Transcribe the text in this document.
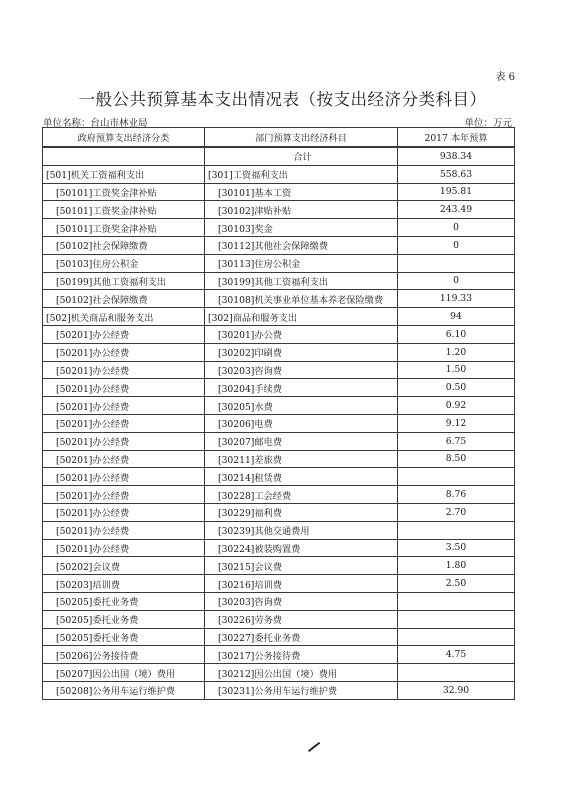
表 6
一般公共预算基本支出情况表（按支出经济分类科目）
单位名称：台山市林业局	单位：万元
政府预算支出经济分类	部门预算支出经济科目	2017 本年预算
	合计	938.34
[501]机关工资福利支出	[301]工资福利支出	558.63
[50101]工资奖金津补贴	[30101]基本工资	195.81
[50101]工资奖金津补贴	[30102]津贴补贴	243.49
[50101]工资奖金津补贴	[30103]奖金	0
[50102]社会保障缴费	[30112]其他社会保障缴费	0
[50103]住房公积金	[30113]住房公积金	
[50199]其他工资福利支出	[30199]其他工资福利支出	0
[50102]社会保障缴费	[30108]机关事业单位基本养老保险缴费	119.33
[502]机关商品和服务支出	[302]商品和服务支出	94
[50201]办公经费	[30201]办公费	6.10
[50201]办公经费	[30202]印刷费	1.20
[50201]办公经费	[30203]咨询费	1.50
[50201]办公经费	[30204]手续费	0.50
[50201]办公经费	[30205]水费	0.92
[50201]办公经费	[30206]电费	9.12
[50201]办公经费	[30207]邮电费	6.75
[50201]办公经费	[30211]差旅费	8.50
[50201]办公经费	[30214]租赁费	
[50201]办公经费	[30228]工会经费	8.76
[50201]办公经费	[30229]福利费	2.70
[50201]办公经费	[30239]其他交通费用	
[50201]办公经费	[30224]被装购置费	3.50
[50202]会议费	[30215]会议费	1.80
[50203]培训费	[30216]培训费	2.50
[50205]委托业务费	[30203]咨询费	
[50205]委托业务费	[30226]劳务费	
[50205]委托业务费	[30227]委托业务费	
[50206]公务接待费	[30217]公务接待费	4.75
[50207]因公出国（境）费用	[30212]因公出国（境）费用	
[50208]公务用车运行维护费	[30231]公务用车运行维护费	32.90
